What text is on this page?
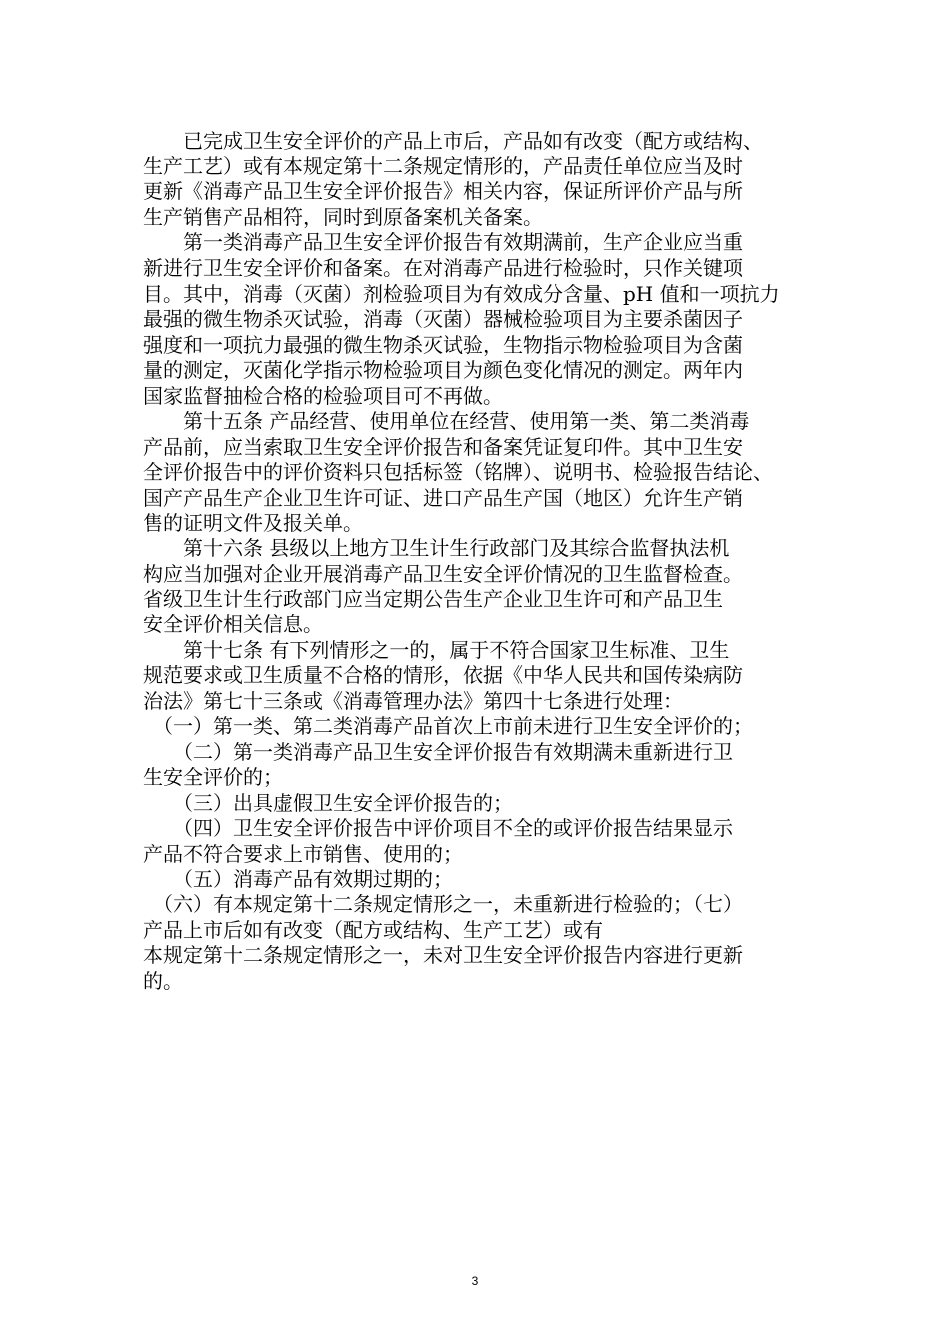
　　已完成卫生安全评价的产品上市后，产品如有改变（配方或结构、
生产工艺）或有本规定第十二条规定情形的，产品责任单位应当及时
更新《消毒产品卫生安全评价报告》相关内容，保证所评价产品与所
生产销售产品相符，同时到原备案机关备案。
　　第一类消毒产品卫生安全评价报告有效期满前，生产企业应当重
新进行卫生安全评价和备案。在对消毒产品进行检验时，只作关键项
目。其中，消毒（灭菌）剂检验项目为有效成分含量、pH 值和一项抗力
最强的微生物杀灭试验，消毒（灭菌）器械检验项目为主要杀菌因子
强度和一项抗力最强的微生物杀灭试验，生物指示物检验项目为含菌
量的测定，灭菌化学指示物检验项目为颜色变化情况的测定。两年内
国家监督抽检合格的检验项目可不再做。
　　第十五条 产品经营、使用单位在经营、使用第一类、第二类消毒
产品前，应当索取卫生安全评价报告和备案凭证复印件。其中卫生安
全评价报告中的评价资料只包括标签（铭牌）、说明书、检验报告结论、
国产产品生产企业卫生许可证、进口产品生产国（地区）允许生产销
售的证明文件及报关单。
　　第十六条 县级以上地方卫生计生行政部门及其综合监督执法机
构应当加强对企业开展消毒产品卫生安全评价情况的卫生监督检查。
省级卫生计生行政部门应当定期公告生产企业卫生许可和产品卫生
安全评价相关信息。
　　第十七条 有下列情形之一的，属于不符合国家卫生标准、卫生
规范要求或卫生质量不合格的情形，依据《中华人民共和国传染病防
治法》第七十三条或《消毒管理办法》第四十七条进行处理：
　（一）第一类、第二类消毒产品首次上市前未进行卫生安全评价的；
　　（二）第一类消毒产品卫生安全评价报告有效期满未重新进行卫
生安全评价的；
　　（三）出具虚假卫生安全评价报告的；
　　（四）卫生安全评价报告中评价项目不全的或评价报告结果显示
产品不符合要求上市销售、使用的；
　　（五）消毒产品有效期过期的；
　（六）有本规定第十二条规定情形之一，未重新进行检验的；（七）
产品上市后如有改变（配方或结构、生产工艺）或有
本规定第十二条规定情形之一，未对卫生安全评价报告内容进行更新
的。
3
